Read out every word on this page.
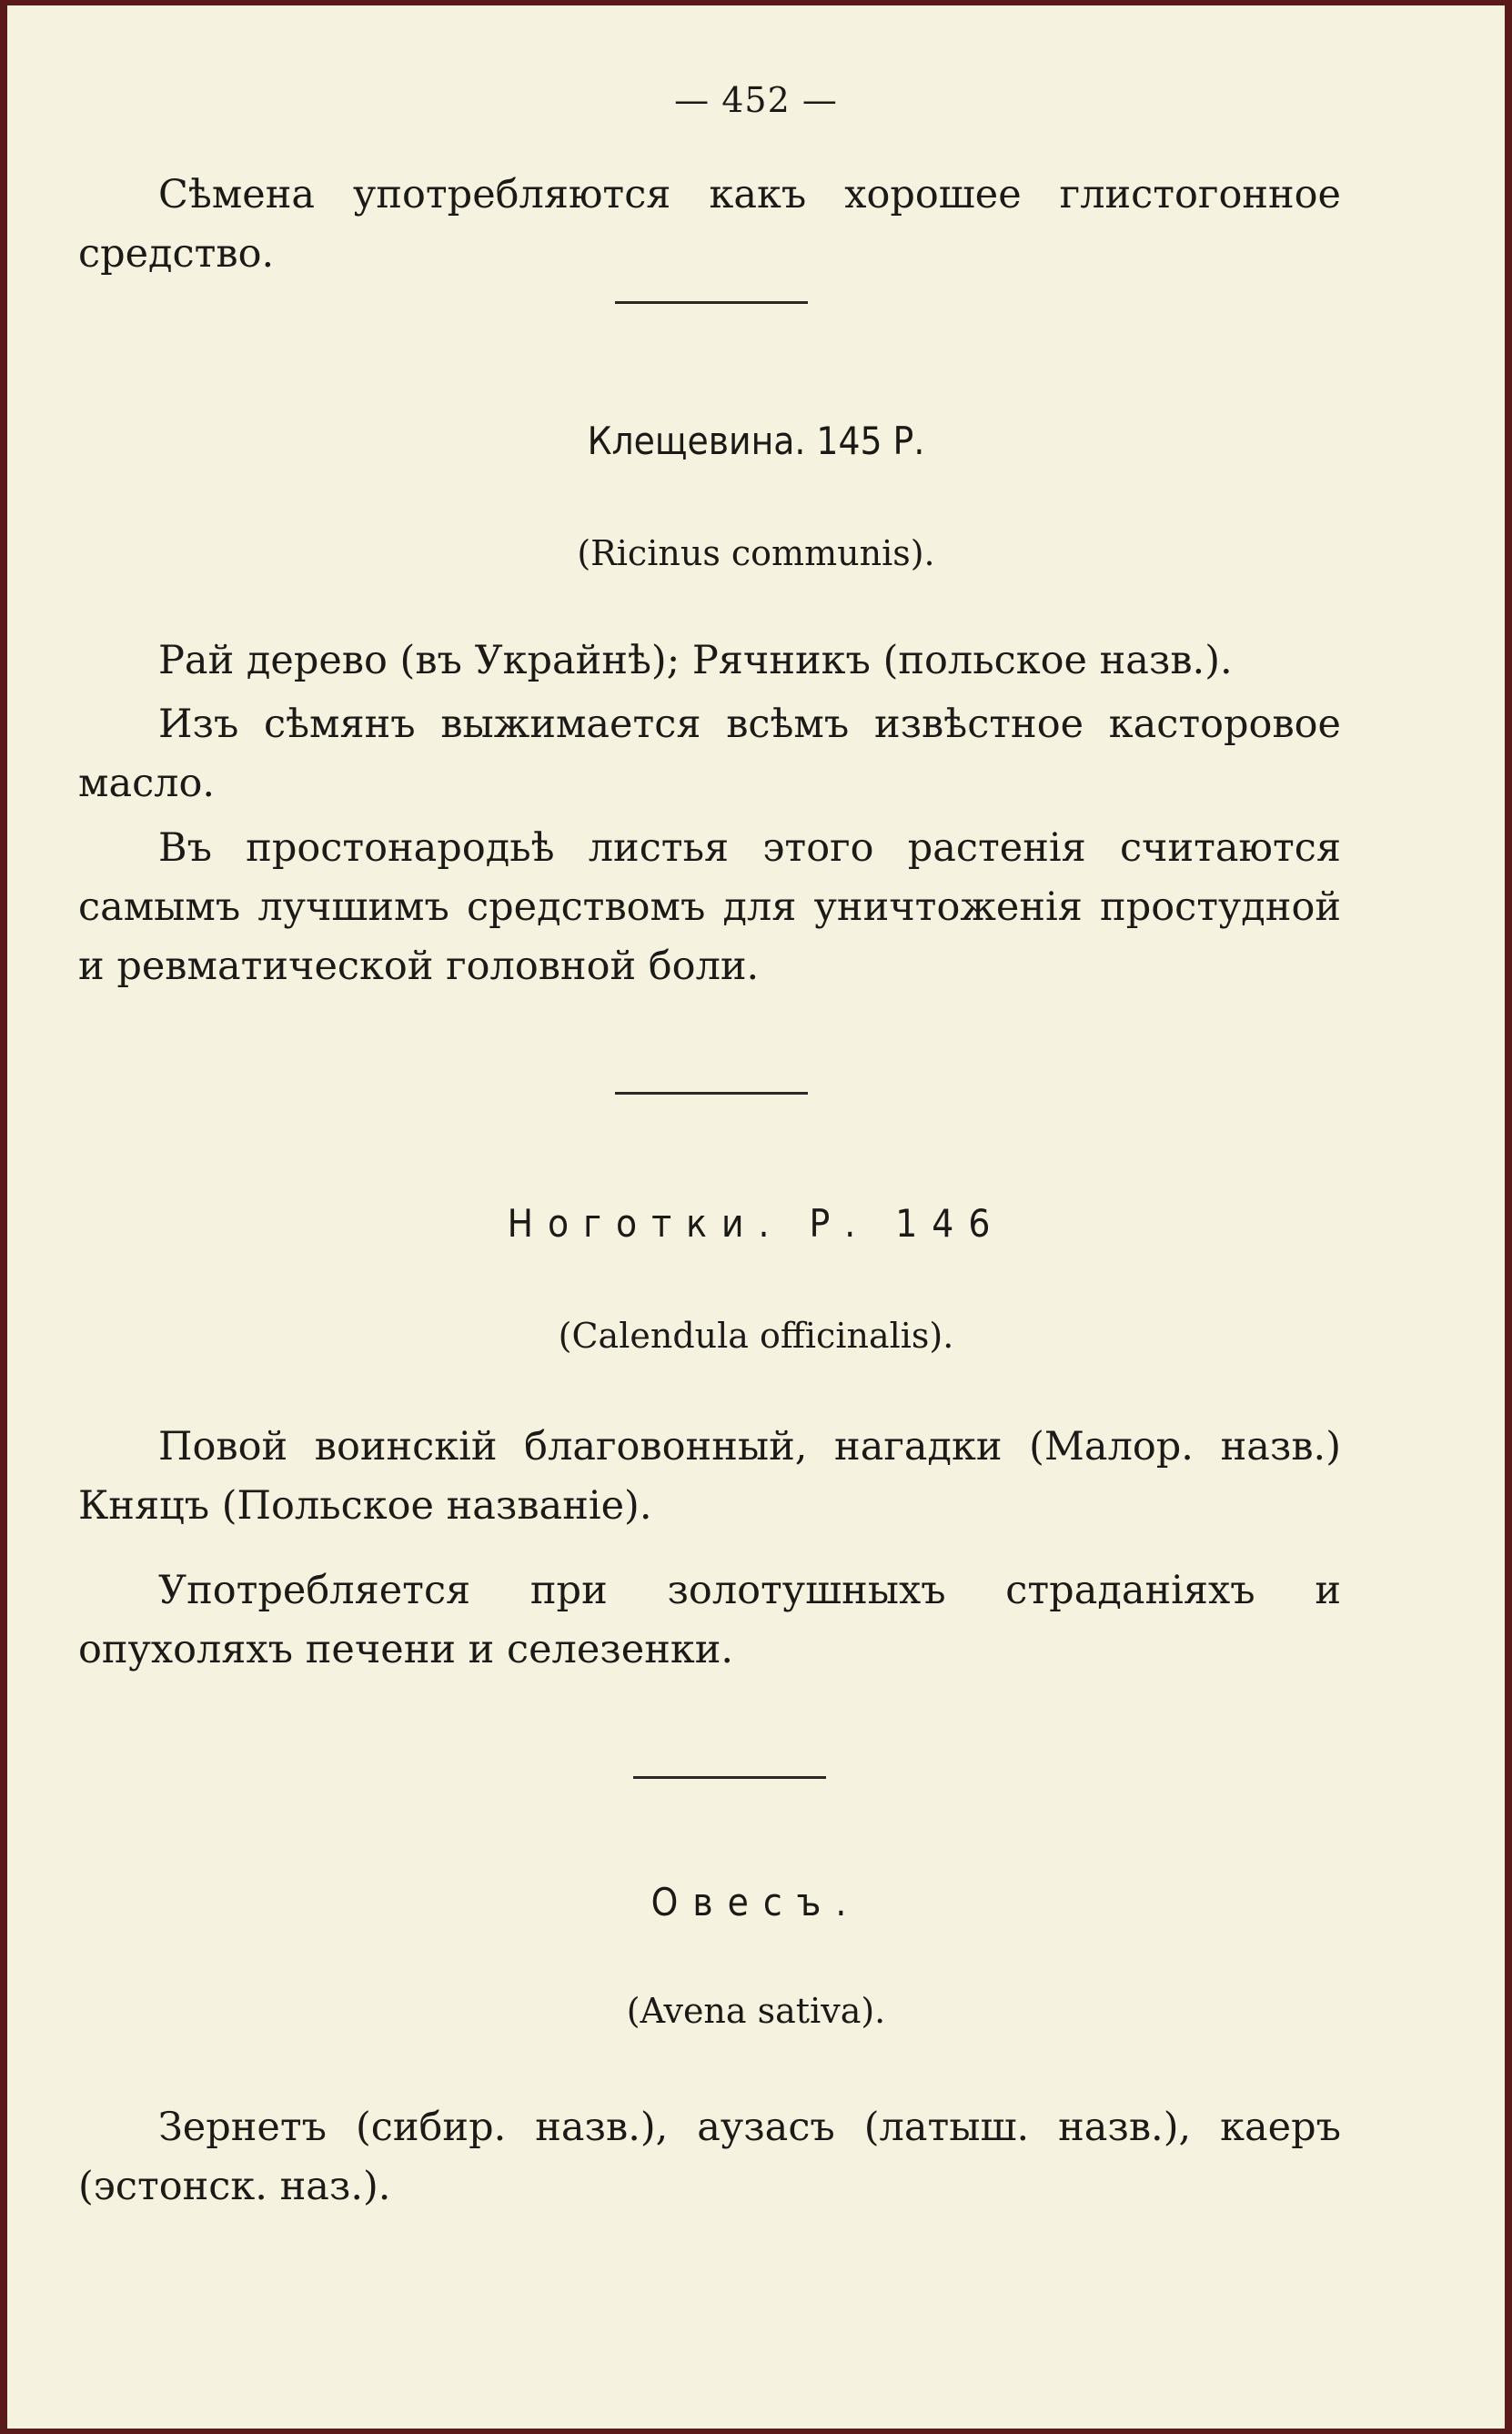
— 452 —
Сѣмена употребляются какъ хорошее глистогонное средство.
Клещевина. 145 Р.
(Ricinus communis).
Рай дерево (въ Украйнѣ); Рячникъ (польское назв.).
Изъ сѣмянъ выжимается всѣмъ извѣстное касторовое масло.
Въ простонародьѣ листья этого растенія считаются самымъ лучшимъ средствомъ для уничтоженія простудной и ревматической головной боли.
Ноготки. Р. 146
(Calendula officinalis).
Повой воинскій благовонный, нагадки (Малор. назв.) Княцъ (Польское названіе).
Употребляется при золотушныхъ страданіяхъ и опухоляхъ печени и селезенки.
Овесъ.
(Avena sativa).
Зернетъ (сибир. назв.), аузасъ (латыш. назв.), каеръ (эстонск. наз.).
